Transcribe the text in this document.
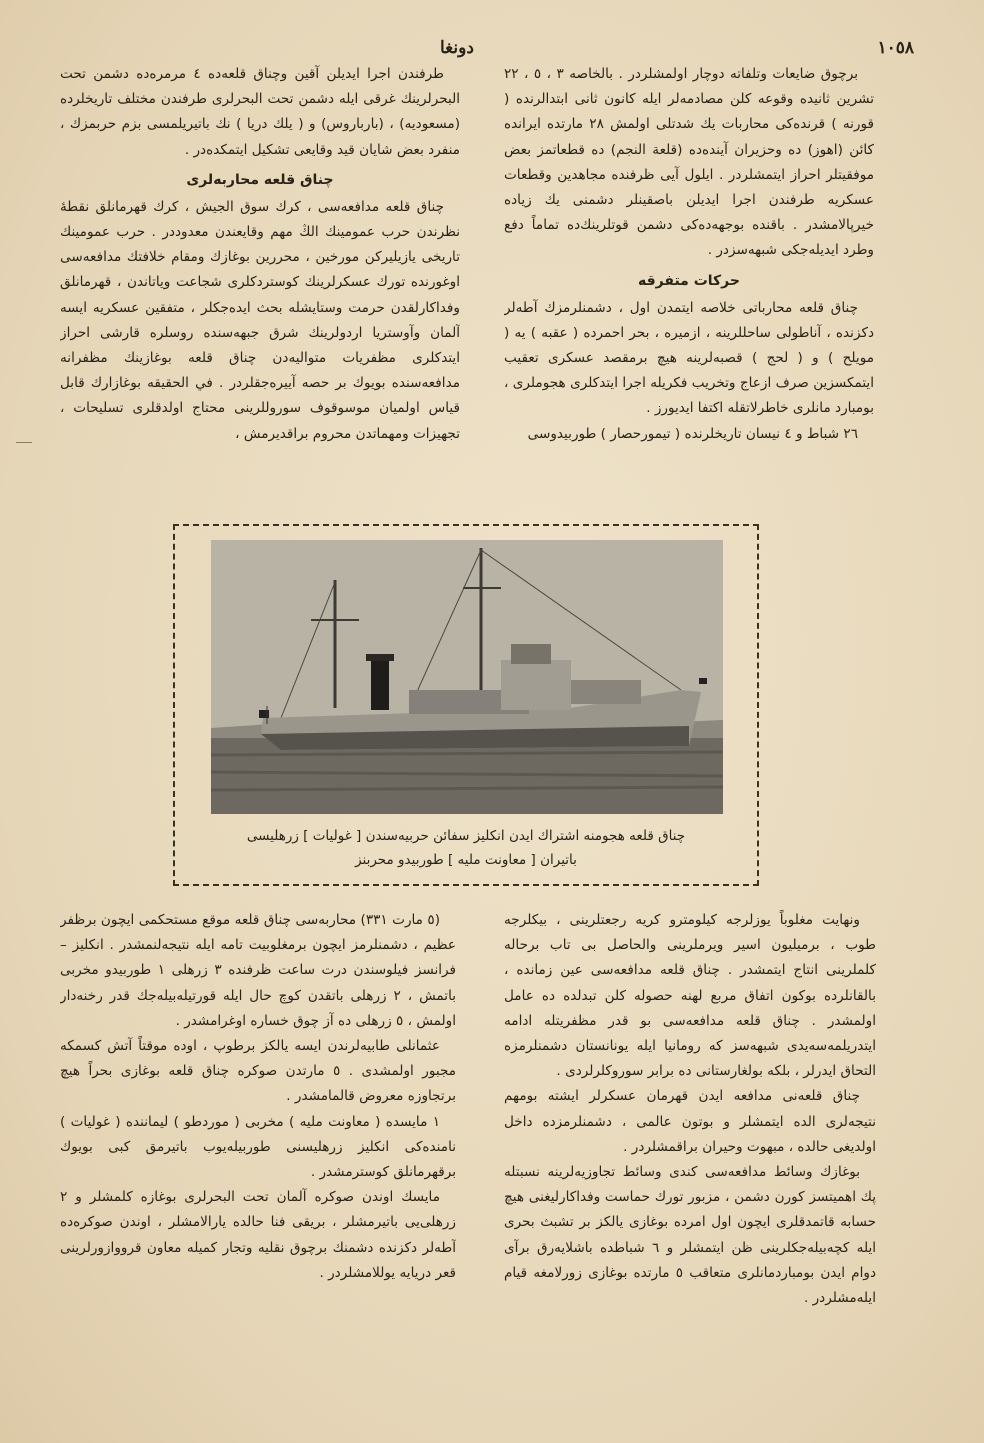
١٠٥٨
دونغا

برچوق ضایعات وتلفاته دوچار اولمشلردر . بالخاصه ۳ ، ٥ ، ٢٢ تشرین ثانیده وقوعه کلن مصادمه‌لر ایله کانون ثانی ابتدالرنده ( قورنه ) قرنده‌کی محاربات یك شدتلی اولمش ٢٨ مارتده ایرانده کائن (اهوز) ده وحزیران آینده‌ده (قلعة النجم) ده قطعاتمز بعض موفقیتلر احراز ایتمشلردر . ایلول آیی ظرفنده مجاهدین وقطعات عسکریه طرفندن اجرا ایدیلن باصقینلر دشمنی یك زیاده خیرپالامشدر . باقنده بوجهه‌ده‌کی دشمن قوتلرینك‌ده تماماً دفع وطرد ایدیله‌جکی شبهه‌سزدر .

حرکات متفرقه

چناق قلعه محارباتی خلاصه ایتمدن اول ، دشمنلرمزك آطه‌لر دکزنده ، آناطولی ساحللرینه ، ازمیره ، بحر احمرده ( عقبه ) یه ( مویلح ) و ( لحج ) قصبه‌لرینه هیچ برمقصد عسکری تعقیب ایتمکسزین صرف ازعاج وتخریب فکریله اجرا ایتدکلری هجوملری ، بومبارد مانلری خاطرلاتقله اکتفا ایدیورز .

٢٦ شباط و ٤ نیسان تاریخلرنده ( تیمورحصار ) طوربیدوسی

طرفندن اجرا ایدیلن آقین وچناق قلعه‌ده ٤ مرمره‌ده دشمن تحت البحرلرینك غرقی ایله دشمن تحت البحرلری طرفندن مختلف تاریخلرده (مسعودیه) ، (بارباروس) و ( یلك دریا ) نك باتیریلمسی بزم حربمزك ، منفرد بعض شایان قید وقایعی تشکیل ایتمکده‌در .

چناق قلعه محاربه‌لری

چناق قلعه مدافعه‌سی ، کرك سوق الجیش ، کرك قهرمانلق نقطهٔ نظرندن حرب عمومینك الڭ مهم وقایعندن معدوددر . حرب عمومینك تاریخی یازیلیرکن مورخین ، محررین بوغازك ومقام خلافتك مدافعه‌سی اوغورنده تورك عسکرلرینك کوستردکلری شجاعت ویاتاندن ، قهرمانلق وفداکارلقدن حرمت وستایشله بحث ایده‌جکلر ، متفقین عسکریه ایسه آلمان وآوستریا اردولرینك شرق جبهه‌سنده روسلره قارشی احراز ایتدکلری مظفریات متوالیه‌دن چناق قلعه بوغازینك مظفرانه مدافعه‌سنده بویوك بر حصه آییره‌جقلردر . في الحقیقه بوغازارك قابل قیاس اولمیان موسوقوف سوروللرینی محتاج اولدقلری تسلیحات ، تجهیزات ومهماتدن محروم براقدیرمش ،

چناق قلعه هجومنه اشتراك ایدن انکلیز سفائن حربیه‌سندن [ غولیات ] زرهلیسی
باتیران [ معاونت ملیه ] طوربیدو محربنز

ونهایت مغلوباً یوزلرجه کیلومترو کریه رجعتلرینی ، بیکلرجه طوب ، برمیلیون اسیر ویرملرینی والحاصل بی تاب برحاله کلملرینی انتاج ایتمشدر . چناق قلعه مدافعه‌سی عین زمانده ، بالقانلرده بوکون اتفاق مربع لهنه حصوله کلن تبدلده ده عامل اولمشدر . چناق قلعه مدافعه‌سی بو قدر مظفریتله ادامه ایتدریلمه‌سه‌یدی شبهه‌سز که رومانیا ایله یونانستان دشمنلرمزه التحاق ایدرلر ، بلکه بولغارستانی ده برابر سوروکلرلردی .

چناق قلعه‌نی مدافعه ایدن قهرمان عسکرلر ایشته بومهم نتیجه‌لری الده ایتمشلر و بوتون عالمی ، دشمنلرمزده داخل اولدیغی حالده ، مبهوت وحیران براقمشلردر .

بوغازك وسائط مدافعه‌سی کندی وسائط تجاوزیه‌لرینه نسبتله پك اهمیتسز کورن دشمن ، مزبور تورك حماست وفداکارلیغنی هیچ حسابه قاتمدقلری ایچون اول امرده بوغازی یالکز بر تشبث بحری ایله کچه‌بیله‌جکلرینی ظن ایتمشلر و ٦ شباطده باشلایه‌رق برآی دوام ایدن بومباردمانلری متعاقب ٥ مارتده بوغازی زورلامغه قیام ایله‌مشلردر .

(٥ مارت ٣٣١) محاربه‌سی چناق قلعه موقع مستحکمی ایچون برظفر عظیم ، دشمنلرمز ایچون برمغلوبیت تامه ایله نتیجه‌لنمشدر . انکلیز – فرانسز فیلوسندن درت ساعت ظرفنده ٣ زرهلی ١ طوربیدو مخربی باتمش ، ٢ زرهلی باتقدن کوچ حال ایله قورتیله‌بیله‌جك قدر رخنه‌دار اولمش ، ٥ زرهلی ده آز چوق خساره اوغرامشدر .

عثمانلی طابیه‌لرندن ایسه یالکز برطوپ ، اوده موقتاً آتش کسمکه مجبور اولمشدی . ٥ مارتدن صوکره چناق قلعه بوغازی بحراً هیچ برتجاوزه معروض قالمامشدر .

١ مایسده ( معاونت ملیه ) مخربی ( موردطو ) لیماننده ( غولیات ) نامنده‌کی انکلیز زرهلیسنی طوربیله‌یوب باتیرمق کبی بویوك برقهرمانلق کوسترمشدر .

مایسك اوندن صوکره آلمان تحت البحرلری بوغازه کلمشلر و ٢ زرهلی‌یی باتیرمشلر ، بریقی فنا حالده یارالامشلر ، اوندن صوکره‌ده آطه‌لر دکزنده دشمنك برچوق نقلیه وتجار کمیله معاون قرووازورلرینی قعر دریایه یوللامشلردر .
